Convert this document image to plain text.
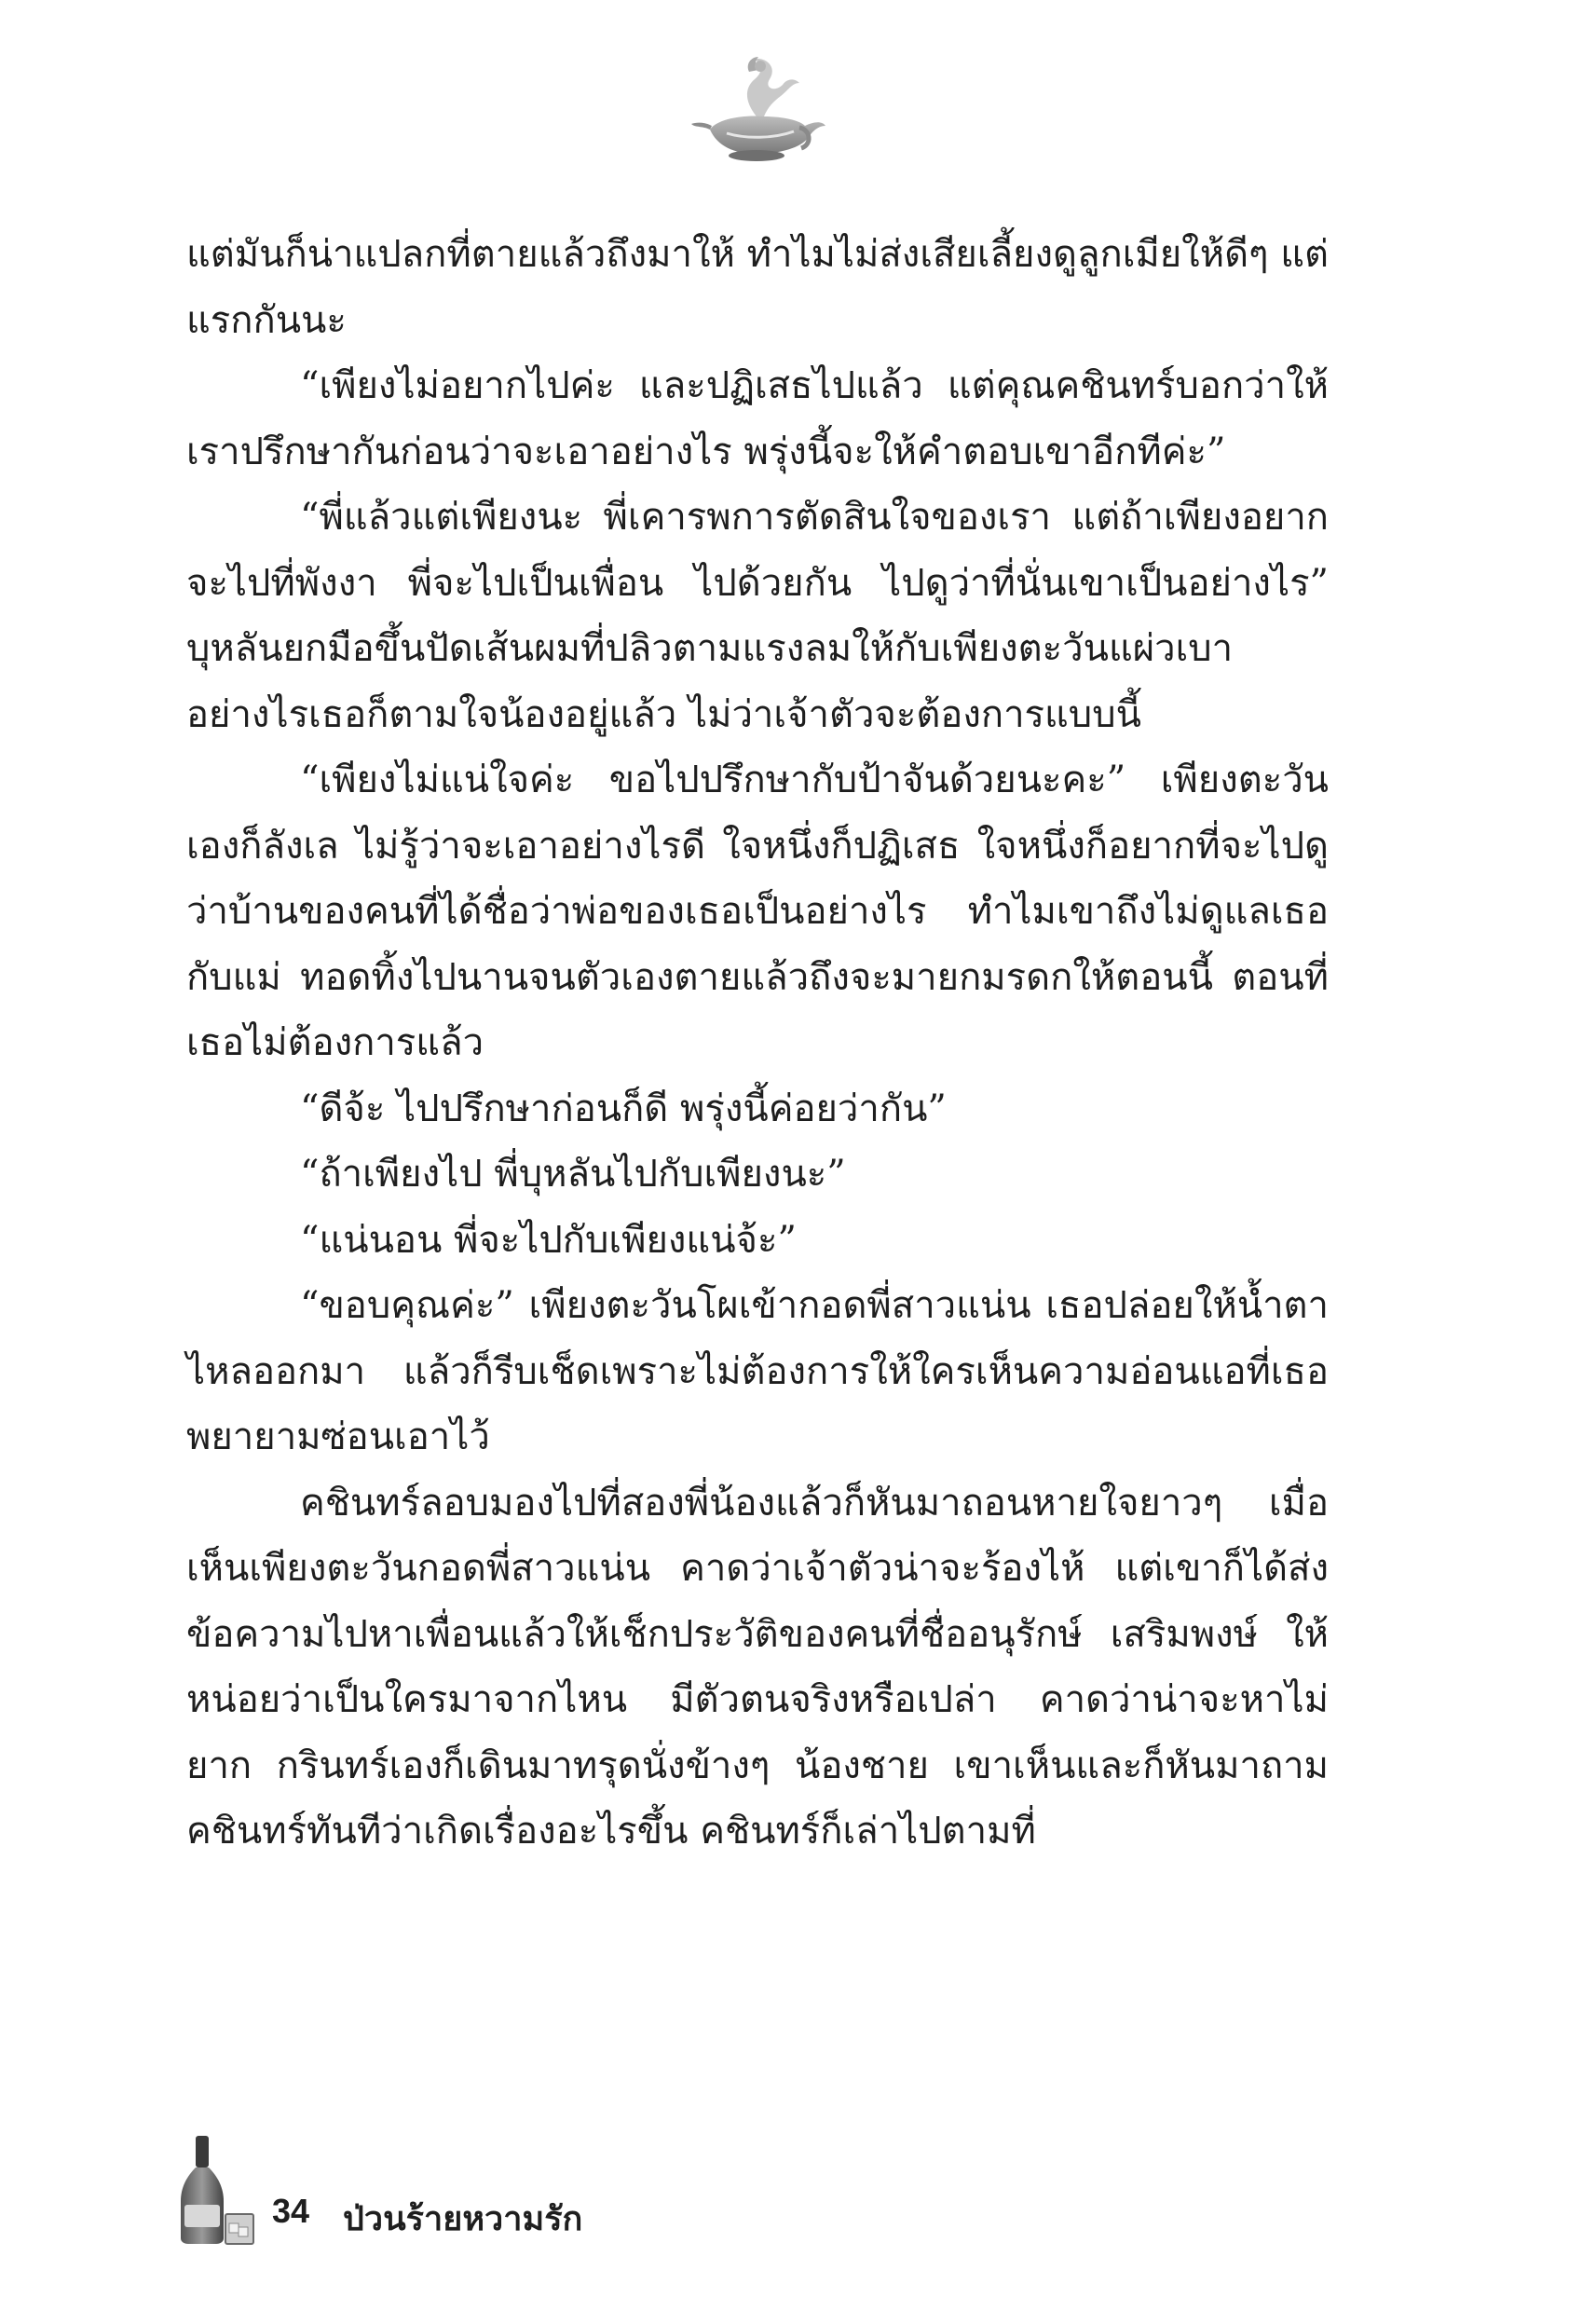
แต่มันก็น่าแปลกที่ตายแล้วถึงมาให้ ทำไมไม่ส่งเสียเลี้ยงดูลูกเมียให้ดีๆ แต่แรกกันนะ

“เพียงไม่อยากไปค่ะ และปฏิเสธไปแล้ว แต่คุณคชินทร์บอกว่าให้เราปรึกษากันก่อนว่าจะเอาอย่างไร พรุ่งนี้จะให้คำตอบเขาอีกทีค่ะ”

“พี่แล้วแต่เพียงนะ พี่เคารพการตัดสินใจของเรา แต่ถ้าเพียงอยากจะไปที่พังงา พี่จะไปเป็นเพื่อน ไปด้วยกัน ไปดูว่าที่นั่นเขาเป็นอย่างไร” บุหลันยกมือขึ้นปัดเส้นผมที่ปลิวตามแรงลมให้กับเพียงตะวันแผ่วเบา อย่างไรเธอก็ตามใจน้องอยู่แล้ว ไม่ว่าเจ้าตัวจะต้องการแบบนี้

“เพียงไม่แน่ใจค่ะ ขอไปปรึกษากับป้าจันด้วยนะคะ” เพียงตะวันเองก็ลังเล ไม่รู้ว่าจะเอาอย่างไรดี ใจหนึ่งก็ปฏิเสธ ใจหนึ่งก็อยากที่จะไปดูว่าบ้านของคนที่ได้ชื่อว่าพ่อของเธอเป็นอย่างไร ทำไมเขาถึงไม่ดูแลเธอกับแม่ ทอดทิ้งไปนานจนตัวเองตายแล้วถึงจะมายกมรดกให้ตอนนี้ ตอนที่เธอไม่ต้องการแล้ว

“ดีจ้ะ ไปปรึกษาก่อนก็ดี พรุ่งนี้ค่อยว่ากัน”

“ถ้าเพียงไป พี่บุหลันไปกับเพียงนะ”

“แน่นอน พี่จะไปกับเพียงแน่จ้ะ”

“ขอบคุณค่ะ” เพียงตะวันโผเข้ากอดพี่สาวแน่น เธอปล่อยให้น้ำตาไหลออกมา แล้วก็รีบเช็ดเพราะไม่ต้องการให้ใครเห็นความอ่อนแอที่เธอพยายามซ่อนเอาไว้

คชินทร์ลอบมองไปที่สองพี่น้องแล้วก็หันมาถอนหายใจยาวๆ เมื่อเห็นเพียงตะวันกอดพี่สาวแน่น คาดว่าเจ้าตัวน่าจะร้องไห้ แต่เขาก็ได้ส่งข้อความไปหาเพื่อนแล้วให้เช็กประวัติของคนที่ชื่ออนุรักษ์ เสริมพงษ์ ให้หน่อยว่าเป็นใครมาจากไหน มีตัวตนจริงหรือเปล่า คาดว่าน่าจะหาไม่ยาก กรินทร์เองก็เดินมาทรุดนั่งข้างๆ น้องชาย เขาเห็นและก็หันมาถามคชินทร์ทันทีว่าเกิดเรื่องอะไรขึ้น คชินทร์ก็เล่าไปตามที่

34 ป่วนร้ายหวามรัก
